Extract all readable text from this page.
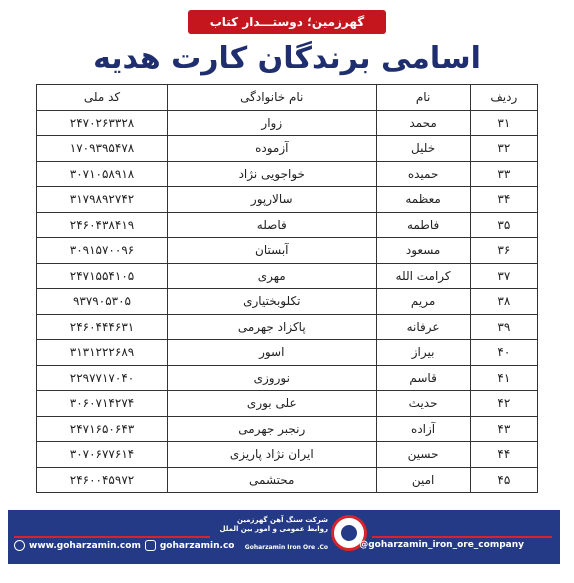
گهرزمین؛ دوستـــدار کتاب
اسامی برندگان کارت هدیه
ردیف	نام	نام خانوادگی	کد ملی
۳۱	محمد	زوار	۲۴۷۰۲۶۳۳۲۸
۳۲	خلیل	آزموده	۱۷۰۹۳۹۵۴۷۸
۳۳	حمیده	خواجویی نژاد	۳۰۷۱۰۵۸۹۱۸
۳۴	معظمه	سالارپور	۳۱۷۹۸۹۲۷۴۲
۳۵	فاطمه	فاصله	۲۴۶۰۴۳۸۴۱۹
۳۶	مسعود	آبستان	۳۰۹۱۵۷۰۰۹۶
۳۷	کرامت الله	مهری	۲۴۷۱۵۵۴۱۰۵
۳۸	مریم	تکلوبختیاری	۹۳۷۹۰۵۳۰۵
۳۹	عرفانه	پاکزاد جهرمی	۲۴۶۰۴۴۴۶۳۱
۴۰	بیراز	اسور	۳۱۳۱۲۲۲۶۸۹
۴۱	قاسم	نوروزی	۲۲۹۷۷۱۷۰۴۰
۴۲	حدیث	علی بوری	۳۰۶۰۷۱۴۲۷۴
۴۳	آزاده	رنجبر جهرمی	۲۴۷۱۶۵۰۶۴۳
۴۴	حسین	ایران نژاد پاریزی	۳۰۷۰۶۷۷۶۱۴
۴۵	امین	محتشمی	۲۴۶۰۰۴۵۹۷۲
www.goharzamin.com goharzamin.co
شرکت سنگ آهن گهرزمین
روابط عمومی و امور بین الملل
Goharzamin Iron Ore .Co ✈ @goharzamin_iron_ore_company
